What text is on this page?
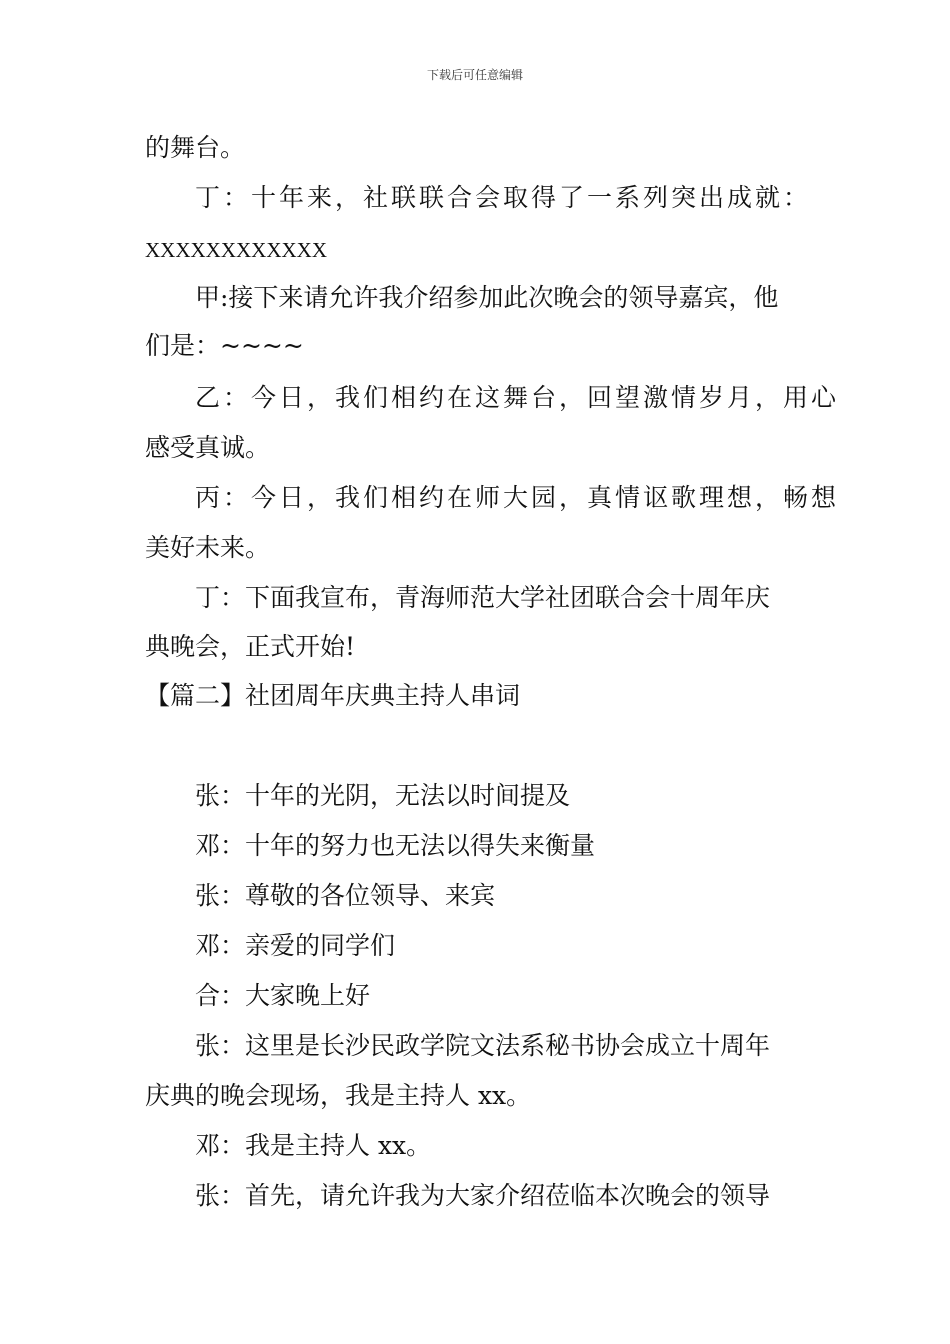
下载后可任意编辑
的舞台。
丁：十年来，社联联合会取得了一系列突出成就：
XXXXXXXXXXXX
甲:接下来请允许我介绍参加此次晚会的领导嘉宾，他
们是：~~~~
乙：今日，我们相约在这舞台，回望激情岁月，用心
感受真诚。
丙：今日，我们相约在师大园，真情讴歌理想，畅想
美好未来。
丁：下面我宣布，青海师范大学社团联合会十周年庆
典晚会，正式开始!
【篇二】社团周年庆典主持人串词
张：十年的光阴，无法以时间提及
邓：十年的努力也无法以得失来衡量
张：尊敬的各位领导、来宾
邓：亲爱的同学们
合：大家晚上好
张：这里是长沙民政学院文法系秘书协会成立十周年
庆典的晚会现场，我是主持人 xx。
邓：我是主持人 xx。
张：首先，请允许我为大家介绍莅临本次晚会的领导
